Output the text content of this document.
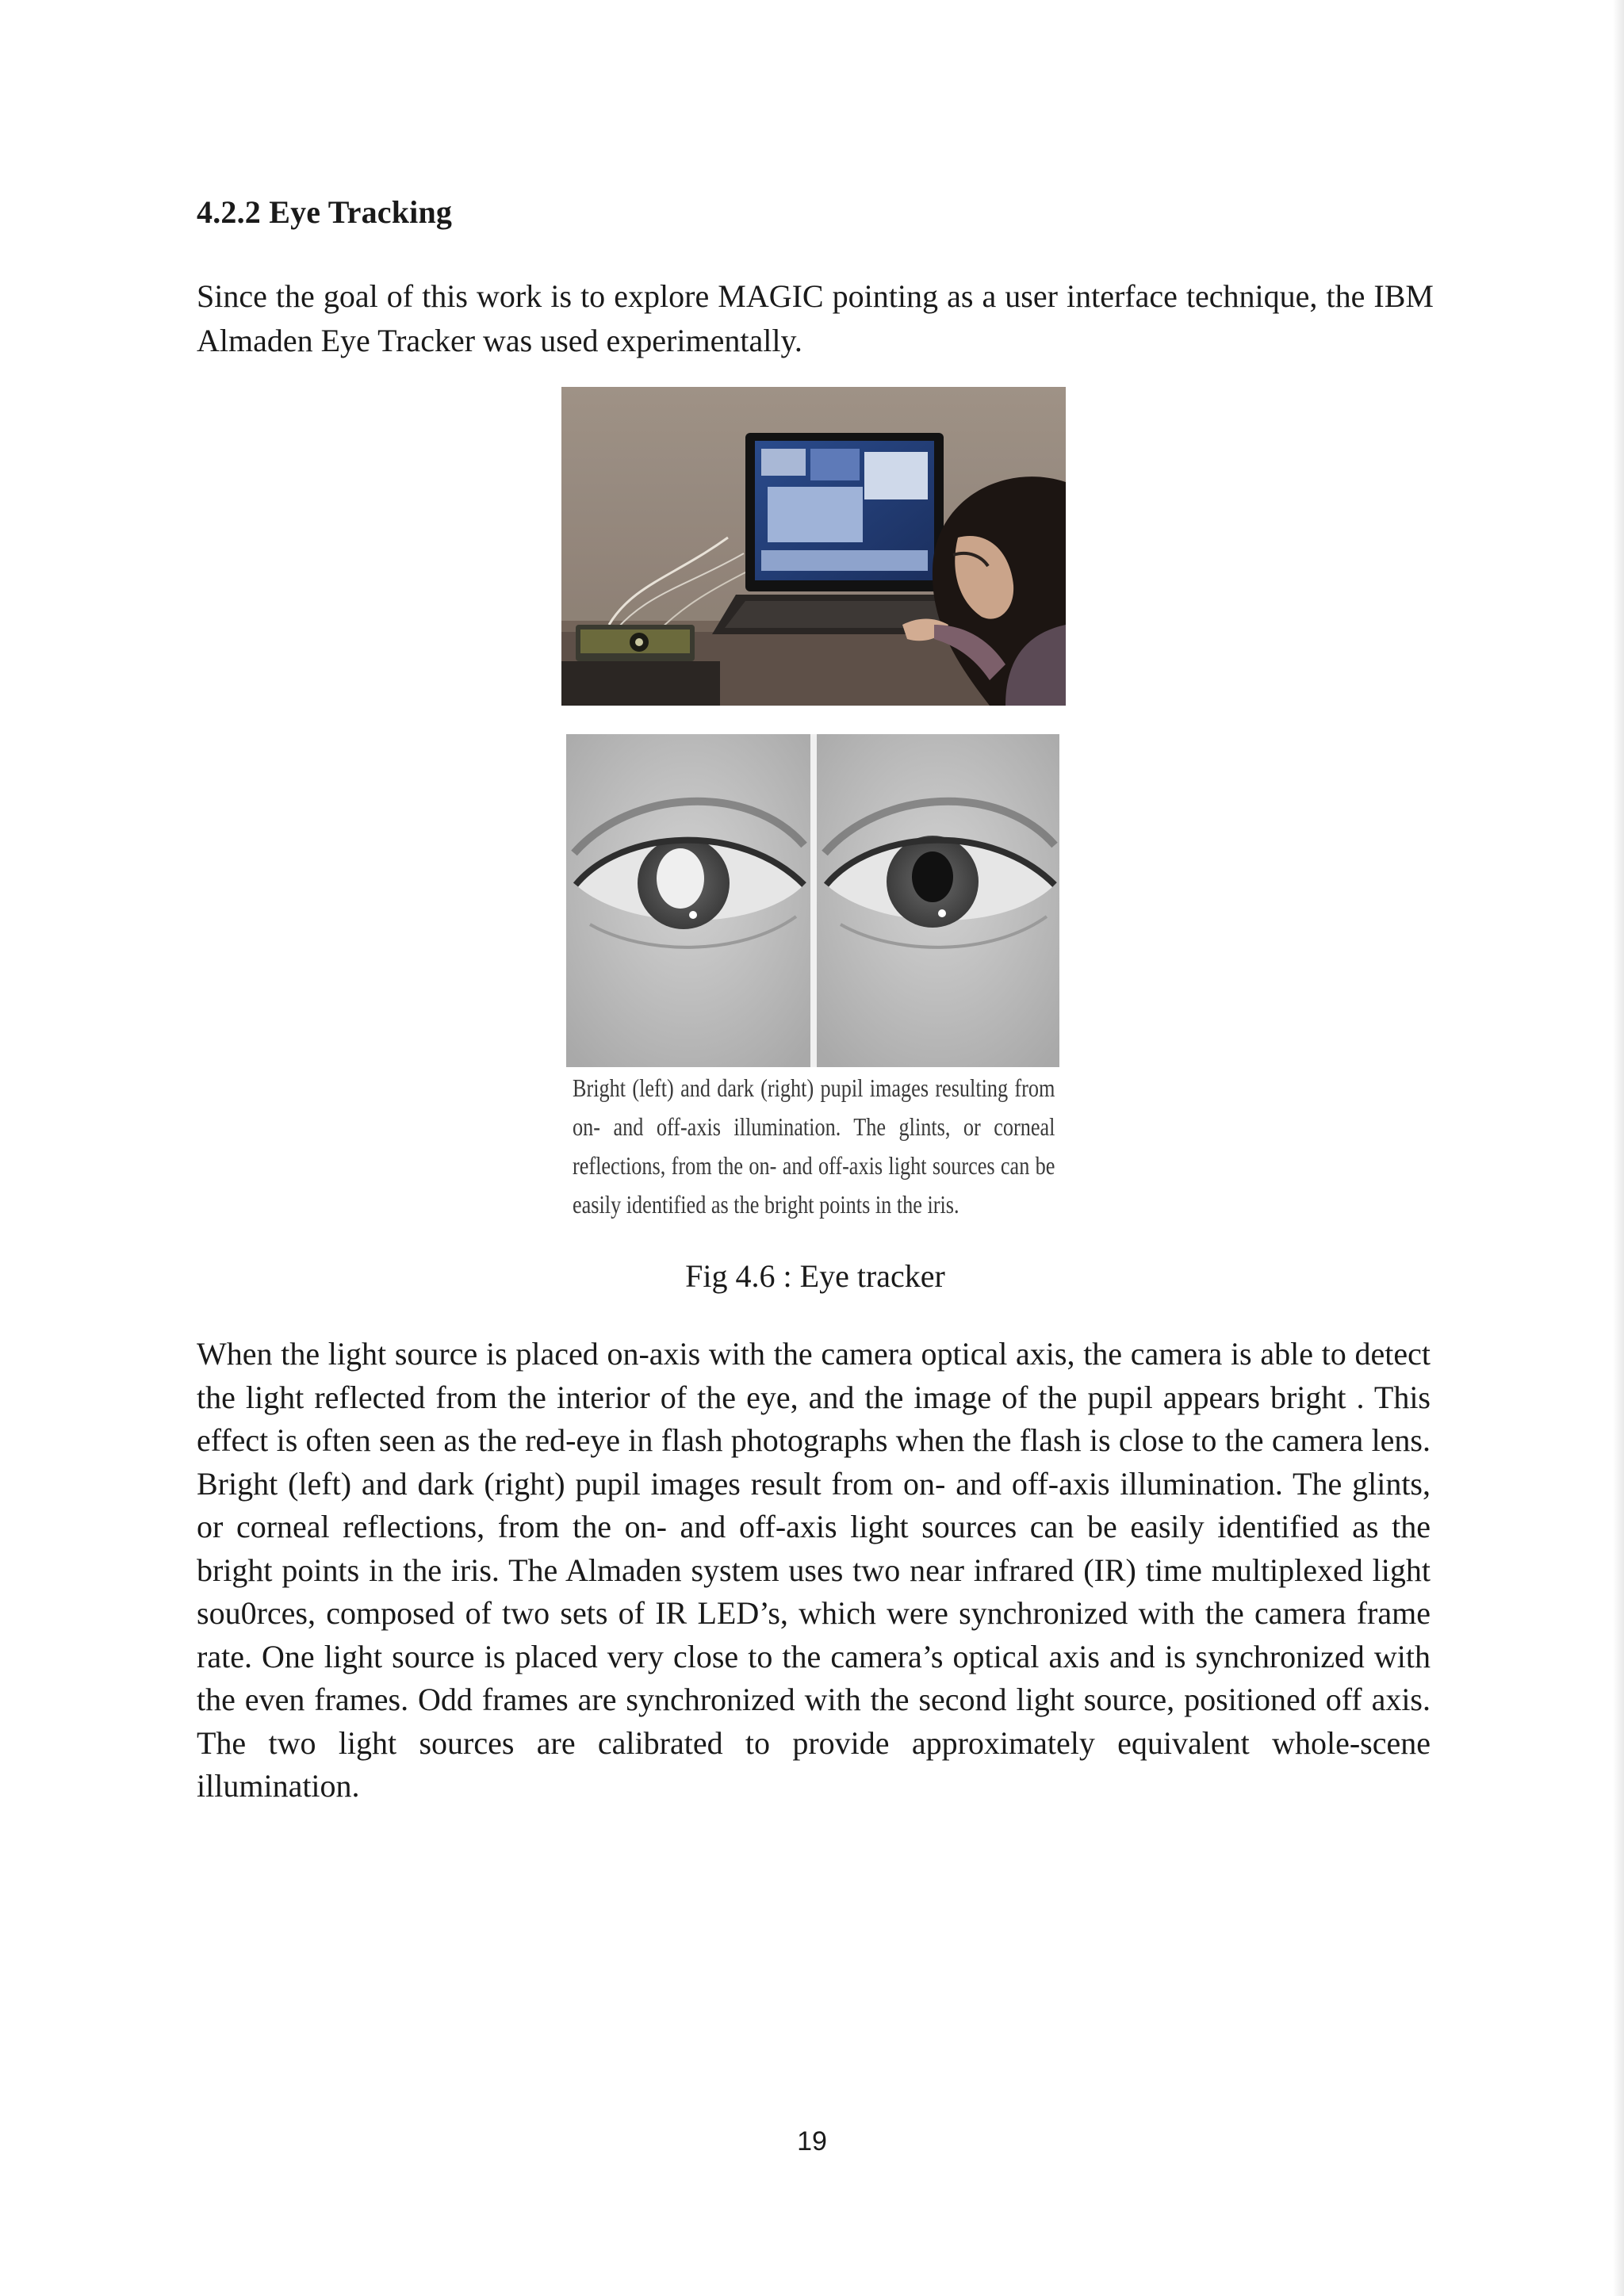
4.2.2 Eye Tracking
Since the goal of this work is to explore MAGIC pointing as a user interface technique, the IBM Almaden Eye Tracker was used experimentally.
Bright (left) and dark (right) pupil images resulting from on- and off-axis illumination. The glints, or corneal reflections, from the on- and off-axis light sources can be easily identified as the bright points in the iris.
Fig 4.6 : Eye tracker
When the light source is placed on-axis with the camera optical axis, the camera is able to detect the light reflected from the interior of the eye, and the image of the pupil appears bright . This effect is often seen as the red-eye in flash photographs when the flash is close to the camera lens. Bright (left) and dark (right) pupil images result from on- and off-axis illumination. The glints, or corneal reflections, from the on- and off-axis light sources can be easily identified as the bright points in the iris. The Almaden system uses two near infrared (IR) time multiplexed light sou0rces, composed of two sets of IR LED’s, which were synchronized with the camera frame rate. One light source is placed very close to the camera’s optical axis and is synchronized with the even frames. Odd frames are synchronized with the second light source, positioned off axis. The two light sources are calibrated to provide approximately equivalent whole-scene illumination.
19
